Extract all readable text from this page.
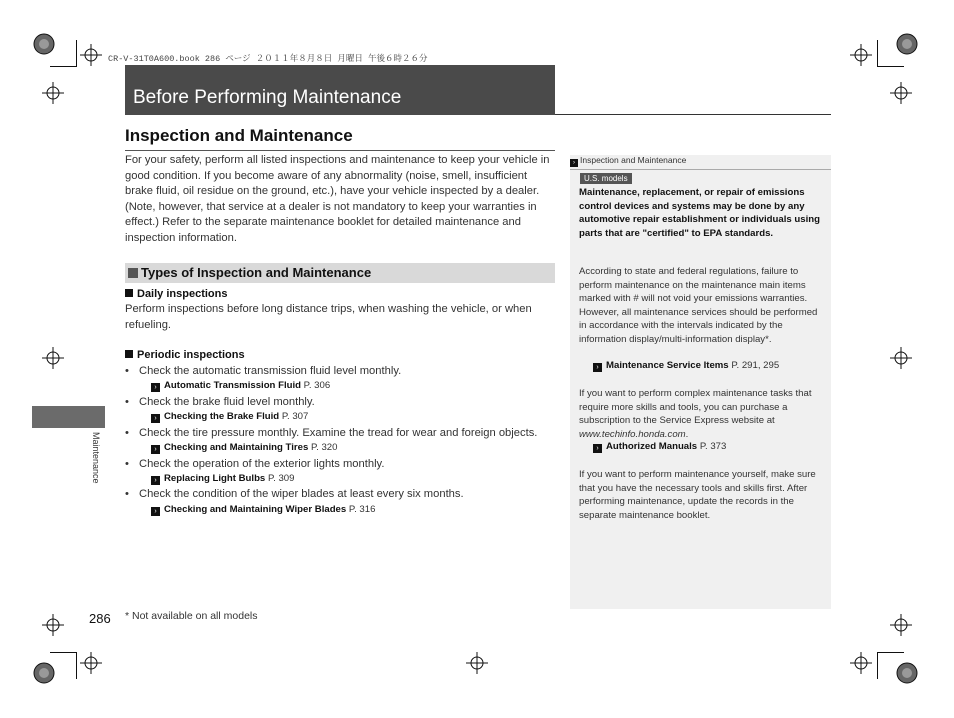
CR-V-31T0A600.book 286 ページ ２０１１年８月８日 月曜日 午後６時２６分
Before Performing Maintenance
Inspection and Maintenance
For your safety, perform all listed inspections and maintenance to keep your vehicle in good condition. If you become aware of any abnormality (noise, smell, insufficient brake fluid, oil residue on the ground, etc.), have your vehicle inspected by a dealer. (Note, however, that service at a dealer is not mandatory to keep your warranties in effect.) Refer to the separate maintenance booklet for detailed maintenance and inspection information.
Types of Inspection and Maintenance
Daily inspections
Perform inspections before long distance trips, when washing the vehicle, or when refueling.
Periodic inspections
• Check the automatic transmission fluid level monthly.
› Automatic Transmission Fluid P. 306
• Check the brake fluid level monthly.
› Checking the Brake Fluid P. 307
• Check the tire pressure monthly. Examine the tread for wear and foreign objects.
› Checking and Maintaining Tires P. 320
• Check the operation of the exterior lights monthly.
› Replacing Light Bulbs P. 309
• Check the condition of the wiper blades at least every six months.
› Checking and Maintaining Wiper Blades P. 316
Maintenance
286 * Not available on all models
› Inspection and Maintenance
U.S. models
Maintenance, replacement, or repair of emissions control devices and systems may be done by any automotive repair establishment or individuals using parts that are "certified" to EPA standards.
According to state and federal regulations, failure to perform maintenance on the maintenance main items marked with # will not void your emissions warranties. However, all maintenance services should be performed in accordance with the intervals indicated by the information display/multi-information display*.
› Maintenance Service Items P. 291, 295
If you want to perform complex maintenance tasks that require more skills and tools, you can purchase a subscription to the Service Express website at www.techinfo.honda.com.
› Authorized Manuals P. 373
If you want to perform maintenance yourself, make sure that you have the necessary tools and skills first. After performing maintenance, update the records in the separate maintenance booklet.
